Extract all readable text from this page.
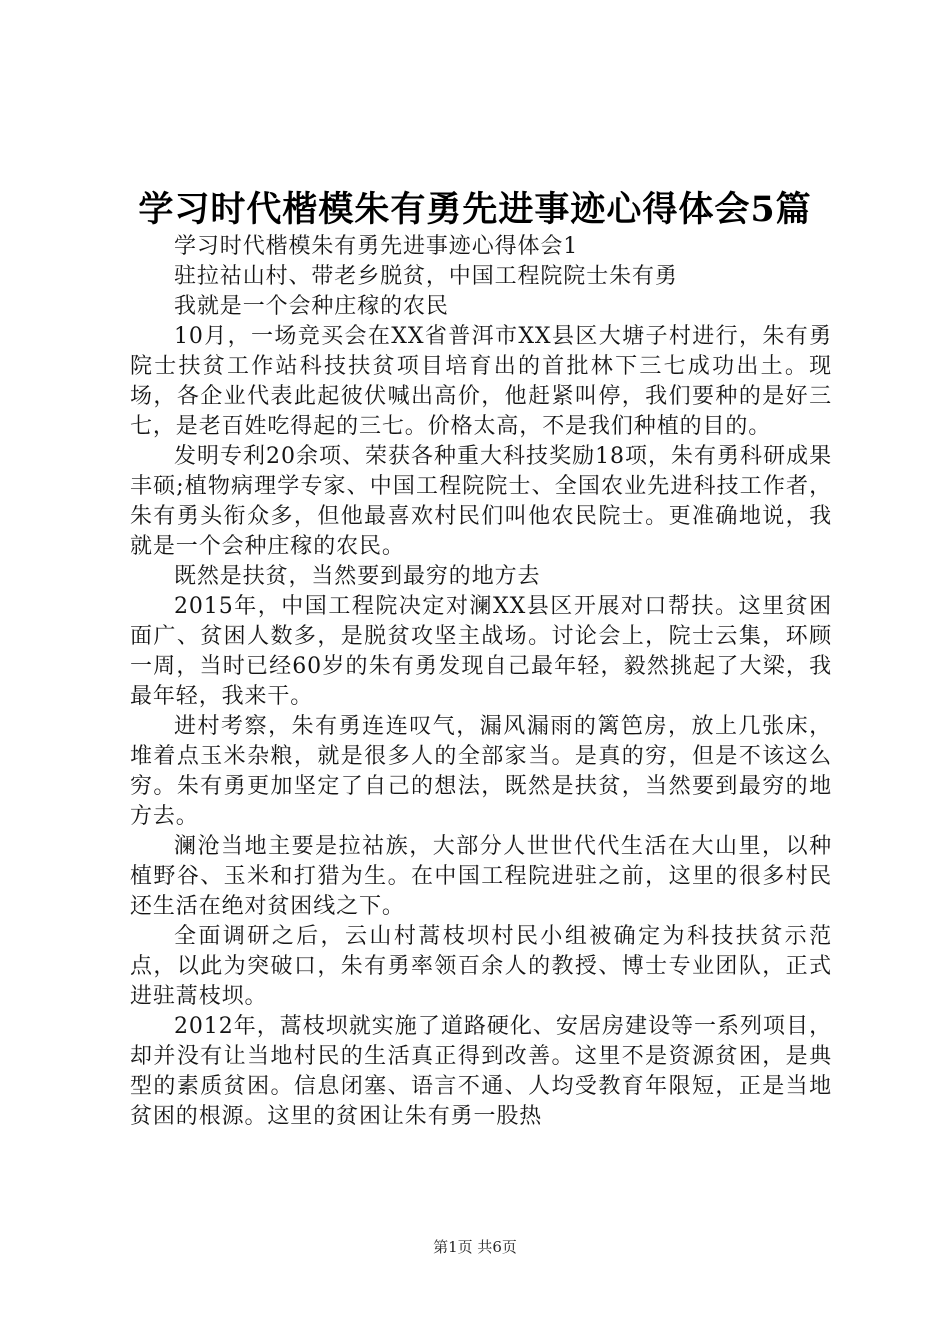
学习时代楷模朱有勇先进事迹心得体会5篇

学习时代楷模朱有勇先进事迹心得体会1

驻拉祜山村、带老乡脱贫，中国工程院院士朱有勇

我就是一个会种庄稼的农民

10月，一场竞买会在XX省普洱市XX县区大塘子村进行，朱有勇院士扶贫工作站科技扶贫项目培育出的首批林下三七成功出土。现场，各企业代表此起彼伏喊出高价，他赶紧叫停，我们要种的是好三七，是老百姓吃得起的三七。价格太高，不是我们种植的目的。

发明专利20余项、荣获各种重大科技奖励18项，朱有勇科研成果丰硕;植物病理学专家、中国工程院院士、全国农业先进科技工作者，朱有勇头衔众多，但他最喜欢村民们叫他农民院士。更准确地说，我就是一个会种庄稼的农民。

既然是扶贫，当然要到最穷的地方去

2015年，中国工程院决定对澜XX县区开展对口帮扶。这里贫困面广、贫困人数多，是脱贫攻坚主战场。讨论会上，院士云集，环顾一周，当时已经60岁的朱有勇发现自己最年轻，毅然挑起了大梁，我最年轻，我来干。

进村考察，朱有勇连连叹气，漏风漏雨的篱笆房，放上几张床，堆着点玉米杂粮，就是很多人的全部家当。是真的穷，但是不该这么穷。朱有勇更加坚定了自己的想法，既然是扶贫，当然要到最穷的地方去。

澜沧当地主要是拉祜族，大部分人世世代代生活在大山里，以种植野谷、玉米和打猎为生。在中国工程院进驻之前，这里的很多村民还生活在绝对贫困线之下。

全面调研之后，云山村蒿枝坝村民小组被确定为科技扶贫示范点，以此为突破口，朱有勇率领百余人的教授、博士专业团队，正式进驻蒿枝坝。

2012年，蒿枝坝就实施了道路硬化、安居房建设等一系列项目，却并没有让当地村民的生活真正得到改善。这里不是资源贫困，是典型的素质贫困。信息闭塞、语言不通、人均受教育年限短，正是当地贫困的根源。这里的贫困让朱有勇一股热

第1页 共6页
